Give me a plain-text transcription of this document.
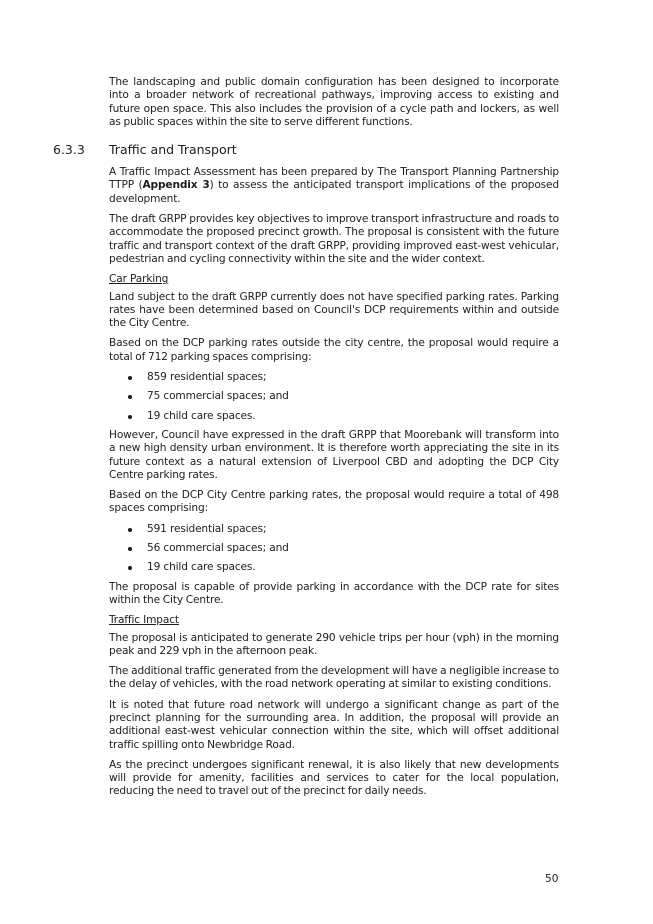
The landscaping and public domain configuration has been designed to incorporate into a broader network of recreational pathways, improving access to existing and future open space. This also includes the provision of a cycle path and lockers, as well as public spaces within the site to serve different functions.

6.3.3 Traffic and Transport

A Traffic Impact Assessment has been prepared by The Transport Planning Partnership TTPP (Appendix 3) to assess the anticipated transport implications of the proposed development.

The draft GRPP provides key objectives to improve transport infrastructure and roads to accommodate the proposed precinct growth. The proposal is consistent with the future traffic and transport context of the draft GRPP, providing improved east-west vehicular, pedestrian and cycling connectivity within the site and the wider context.

Car Parking

Land subject to the draft GRPP currently does not have specified parking rates. Parking rates have been determined based on Council's DCP requirements within and outside the City Centre.

Based on the DCP parking rates outside the city centre, the proposal would require a total of 712 parking spaces comprising:

859 residential spaces;
75 commercial spaces; and
19 child care spaces.

However, Council have expressed in the draft GRPP that Moorebank will transform into a new high density urban environment. It is therefore worth appreciating the site in its future context as a natural extension of Liverpool CBD and adopting the DCP City Centre parking rates.

Based on the DCP City Centre parking rates, the proposal would require a total of 498 spaces comprising:

591 residential spaces;
56 commercial spaces; and
19 child care spaces.

The proposal is capable of provide parking in accordance with the DCP rate for sites within the City Centre.

Traffic Impact

The proposal is anticipated to generate 290 vehicle trips per hour (vph) in the morning peak and 229 vph in the afternoon peak.

The additional traffic generated from the development will have a negligible increase to the delay of vehicles, with the road network operating at similar to existing conditions.

It is noted that future road network will undergo a significant change as part of the precinct planning for the surrounding area. In addition, the proposal will provide an additional east-west vehicular connection within the site, which will offset additional traffic spilling onto Newbridge Road.

As the precinct undergoes significant renewal, it is also likely that new developments will provide for amenity, facilities and services to cater for the local population, reducing the need to travel out of the precinct for daily needs.

50
